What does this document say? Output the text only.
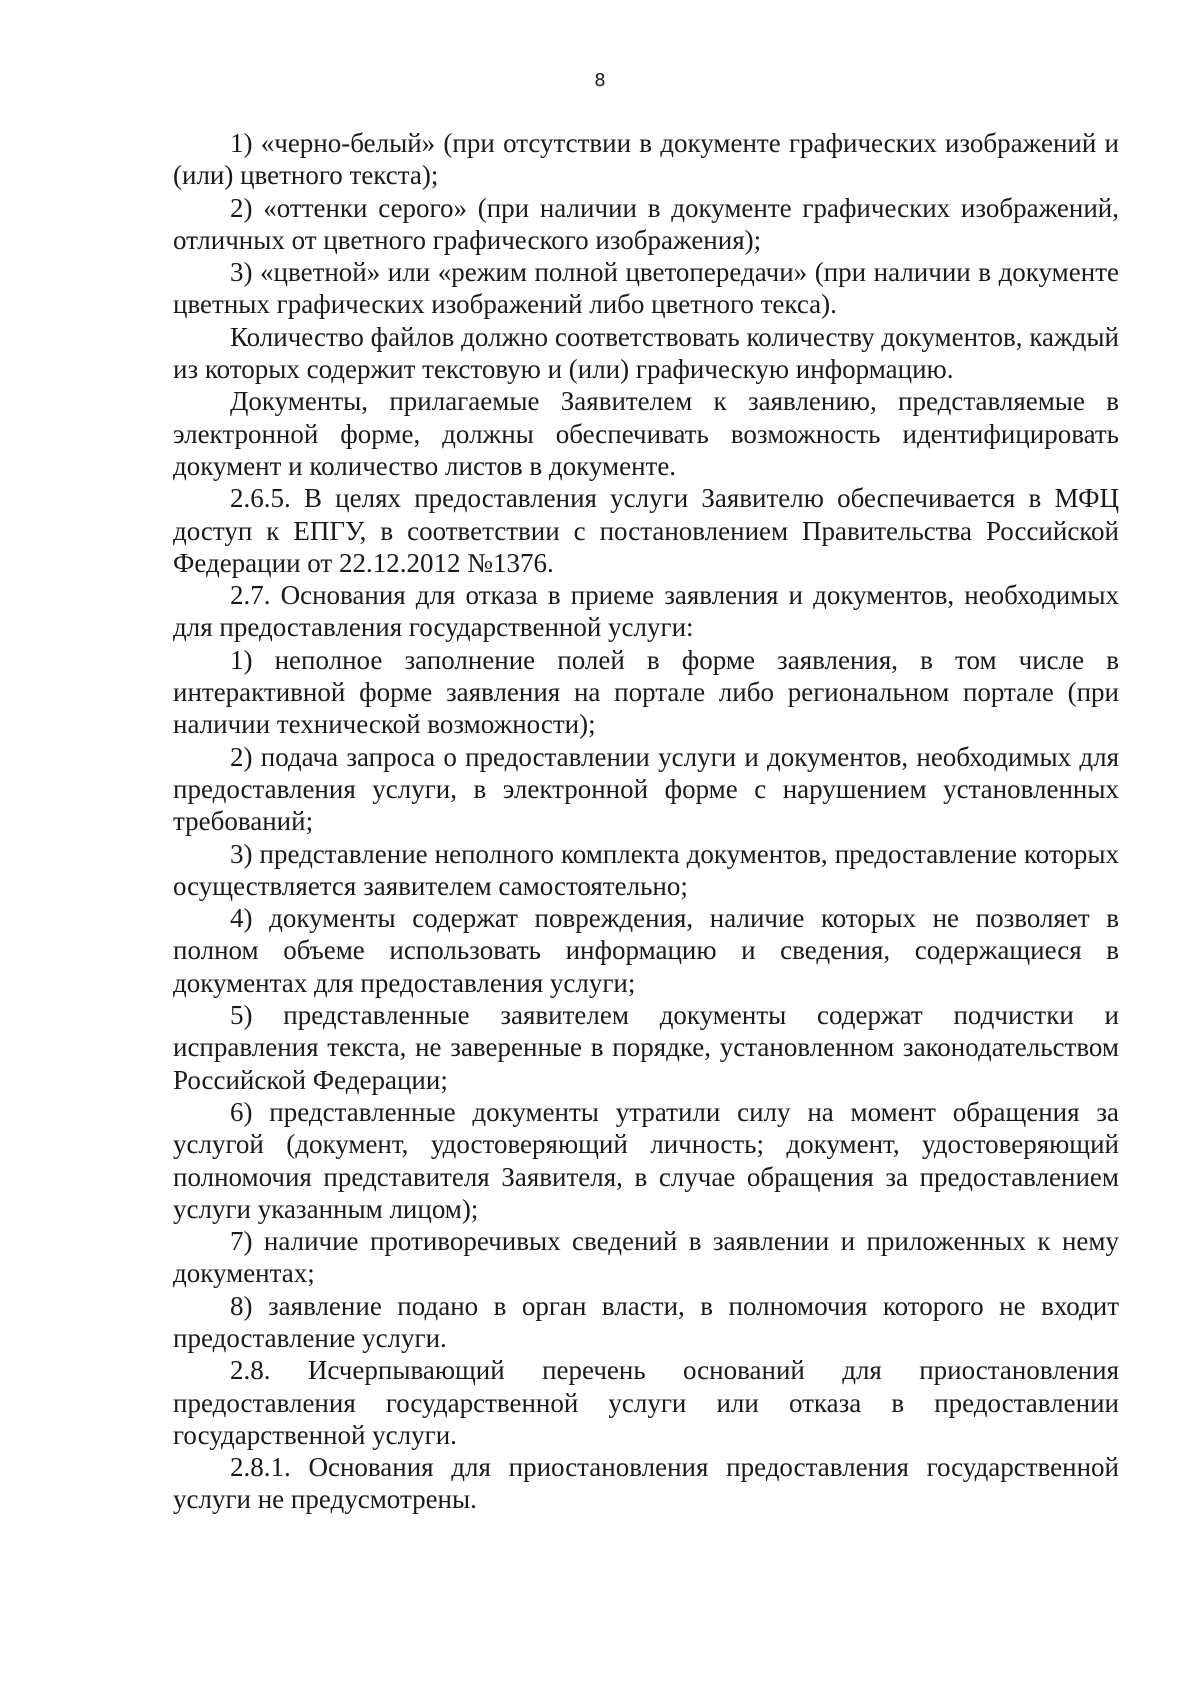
8

1) «черно-белый» (при отсутствии в документе графических изображений и (или) цветного текста);

2) «оттенки серого» (при наличии в документе графических изображений, отличных от цветного графического изображения);

3) «цветной» или «режим полной цветопередачи» (при наличии в документе цветных графических изображений либо цветного текса).

Количество файлов должно соответствовать количеству документов, каждый из которых содержит текстовую и (или) графическую информацию.

Документы, прилагаемые Заявителем к заявлению, представляемые в электронной форме, должны обеспечивать возможность идентифицировать документ и количество листов в документе.

2.6.5. В целях предоставления услуги Заявителю обеспечивается в МФЦ доступ к ЕПГУ, в соответствии с постановлением Правительства Российской Федерации от 22.12.2012 №1376.

2.7. Основания для отказа в приеме заявления и документов, необходимых для предоставления государственной услуги:

1) неполное заполнение полей в форме заявления, в том числе в интерактивной форме заявления на портале либо региональном портале (при наличии технической возможности);

2) подача запроса о предоставлении услуги и документов, необходимых для предоставления услуги, в электронной форме с нарушением установленных требований;

3) представление неполного комплекта документов, предоставление которых осуществляется заявителем самостоятельно;

4) документы содержат повреждения, наличие которых не позволяет в полном объеме использовать информацию и сведения, содержащиеся в документах для предоставления услуги;

5) представленные заявителем документы содержат подчистки и исправления текста, не заверенные в порядке, установленном законодательством Российской Федерации;

6) представленные документы утратили силу на момент обращения за услугой (документ, удостоверяющий личность; документ, удостоверяющий полномочия представителя Заявителя, в случае обращения за предоставлением услуги указанным лицом);

7) наличие противоречивых сведений в заявлении и приложенных к нему документах;

8) заявление подано в орган власти, в полномочия которого не входит предоставление услуги.

2.8. Исчерпывающий перечень оснований для приостановления предоставления государственной услуги или отказа в предоставлении государственной услуги.

2.8.1. Основания для приостановления предоставления государственной услуги не предусмотрены.
